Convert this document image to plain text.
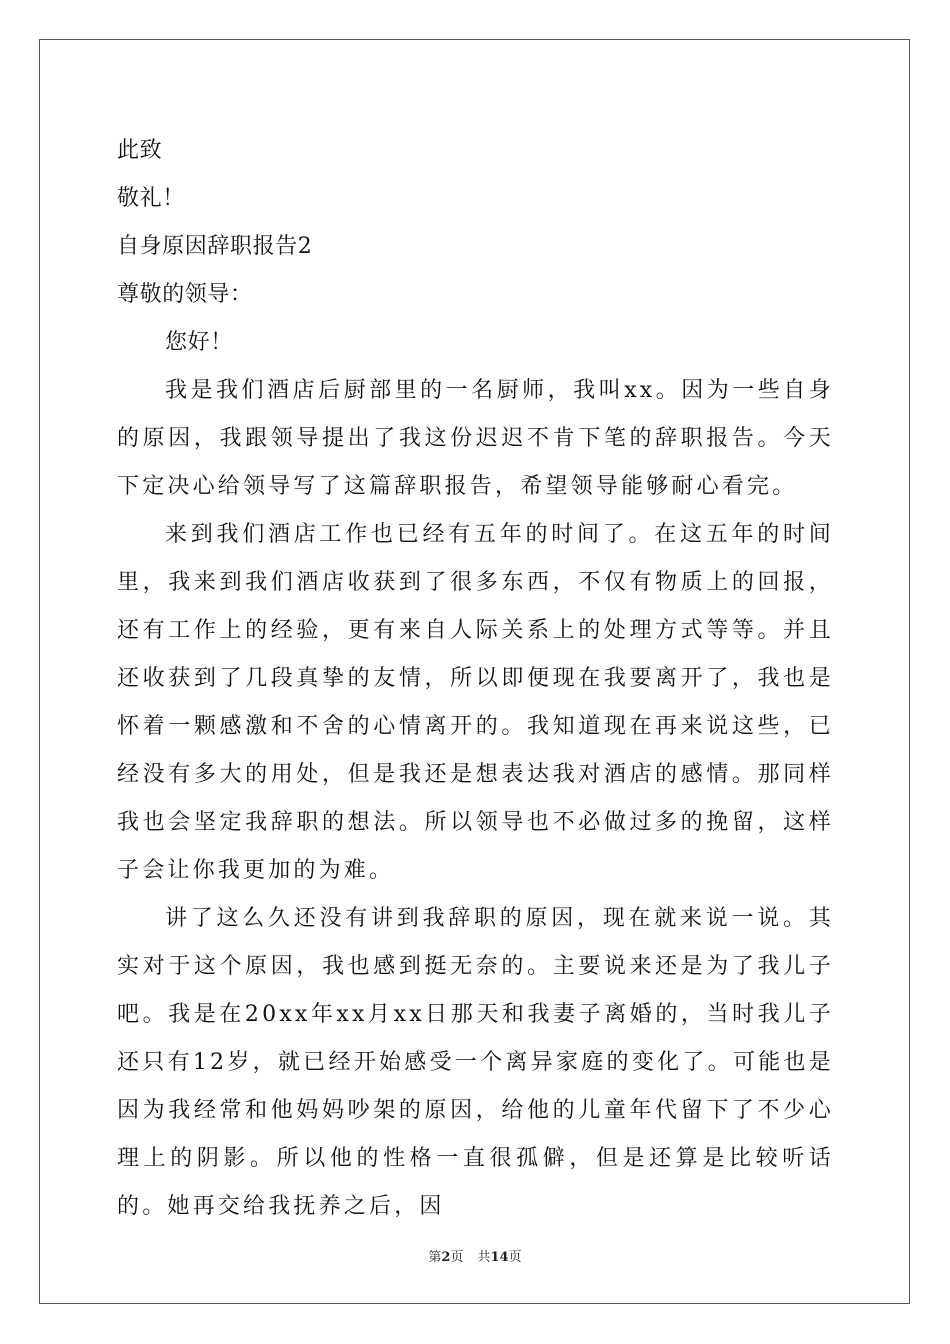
此致
敬礼！
自身原因辞职报告2
尊敬的领导：
您好！

我是我们酒店后厨部里的一名厨师，我叫xx。因为一些自身的原因，我跟领导提出了我这份迟迟不肯下笔的辞职报告。今天下定决心给领导写了这篇辞职报告，希望领导能够耐心看完。

来到我们酒店工作也已经有五年的时间了。在这五年的时间里，我来到我们酒店收获到了很多东西，不仅有物质上的回报，还有工作上的经验，更有来自人际关系上的处理方式等等。并且还收获到了几段真挚的友情，所以即便现在我要离开了，我也是怀着一颗感激和不舍的心情离开的。我知道现在再来说这些，已经没有多大的用处，但是我还是想表达我对酒店的感情。那同样我也会坚定我辞职的想法。所以领导也不必做过多的挽留，这样子会让你我更加的为难。

讲了这么久还没有讲到我辞职的原因，现在就来说一说。其实对于这个原因，我也感到挺无奈的。主要说来还是为了我儿子吧。我是在20xx年xx月xx日那天和我妻子离婚的，当时我儿子还只有12岁，就已经开始感受一个离异家庭的变化了。可能也是因为我经常和他妈妈吵架的原因，给他的儿童年代留下了不少心理上的阴影。所以他的性格一直很孤僻，但是还算是比较听话的。她再交给我抚养之后，因

第2页 共14页
